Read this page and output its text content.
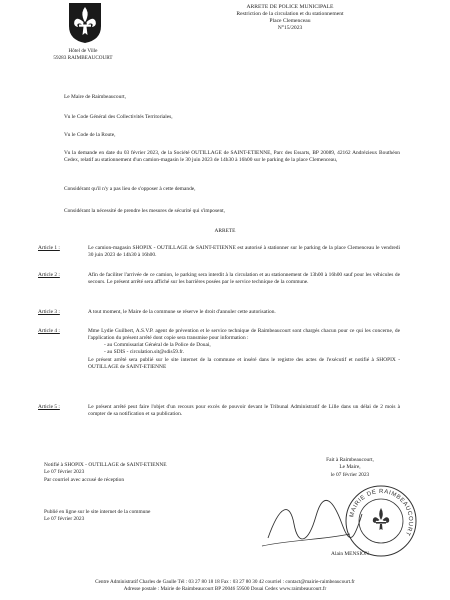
Hôtel de Ville
59283 RAIMBEAUCOURT
ARRETE DE POLICE MUNICIPALE
Restriction de la circulation et du stationnement
Place Clemenceau
N°15/2023
Le Maire de Raimbeaucourt,
Vu le Code Général des Collectivités Territoriales,
Vu le Code de la Route,
Vu la demande en date du 03 février 2023, de la Société OUTILLAGE de SAINT-ETIENNE, Parc des Essarts, BP 20089, 42162 Andrézieux Bouthéon Cedex, relatif au stationnement d'un camion-magasin le 30 juin 2023 de 14h30 à 16h00 sur le parking de la place Clemenceau,
Considérant qu'il n'y a pas lieu de s'opposer à cette demande,
Considérant la nécessité de prendre les mesures de sécurité qui s'imposent,
ARRETE
Article 1 :	Le camion-magasin SHOPIX - OUTILLAGE de SAINT-ETIENNE est autorisé à stationner sur le parking de la place Clemenceau le vendredi 30 juin 2023 de 14h30 à 16h00.
Article 2 :	Afin de faciliter l'arrivée de ce camion, le parking sera interdit à la circulation et au stationnement de 13h00 à 16h00 sauf pour les véhicules de secours. Le présent arrêté sera affiché sur les barrières posées par le service technique de la commune.
Article 3 :	A tout moment, le Maire de la commune se réserve le droit d'annuler cette autorisation.
Article 4 :	Mme Lydie Guilbert, A.S.V.P. agent de prévention et le service technique de Raimbeaucourt sont chargés chacun pour ce qui les concerne, de l'application du présent arrêté dont copie sera transmise pour information :
- au Commissariat Général de la Police de Douai,
- au SDIS - circulation.sit@sdis59.fr.
Le présent arrêté sera publié sur le site internet de la commune et inséré dans le registre des actes de l'exécutif et notifié à SHOPIX - OUTILLAGE de SAINT-ETIENNE
Article 5 :	Le présent arrêté peut faire l'objet d'un recours pour excès de pouvoir devant le Tribunal Administratif de Lille dans un délai de 2 mois à compter de sa notification et sa publication.
Notifié à SHOPIX - OUTILLAGE de SAINT-ETIENNE
Le 07 février 2023
Par courriel avec accusé de réception
Publié en ligne sur le site internet de la commune
Le 07 février 2023
Fait à Raimbeaucourt,
Le Maire,
le 07 février 2023
MAIRIE DE RAIMBEAUCOURT
Alain MENSION
Centre Administratif Charles de Gaulle Tél : 03 27 80 18 18 Fax : 03 27 80 30 42 courriel : contact@mairie-raimbeaucourt.fr
Adresse postale : Mairie de Raimbeaucourt BP 20046 59500 Douai Cedex www.raimbeaucourt.fr
